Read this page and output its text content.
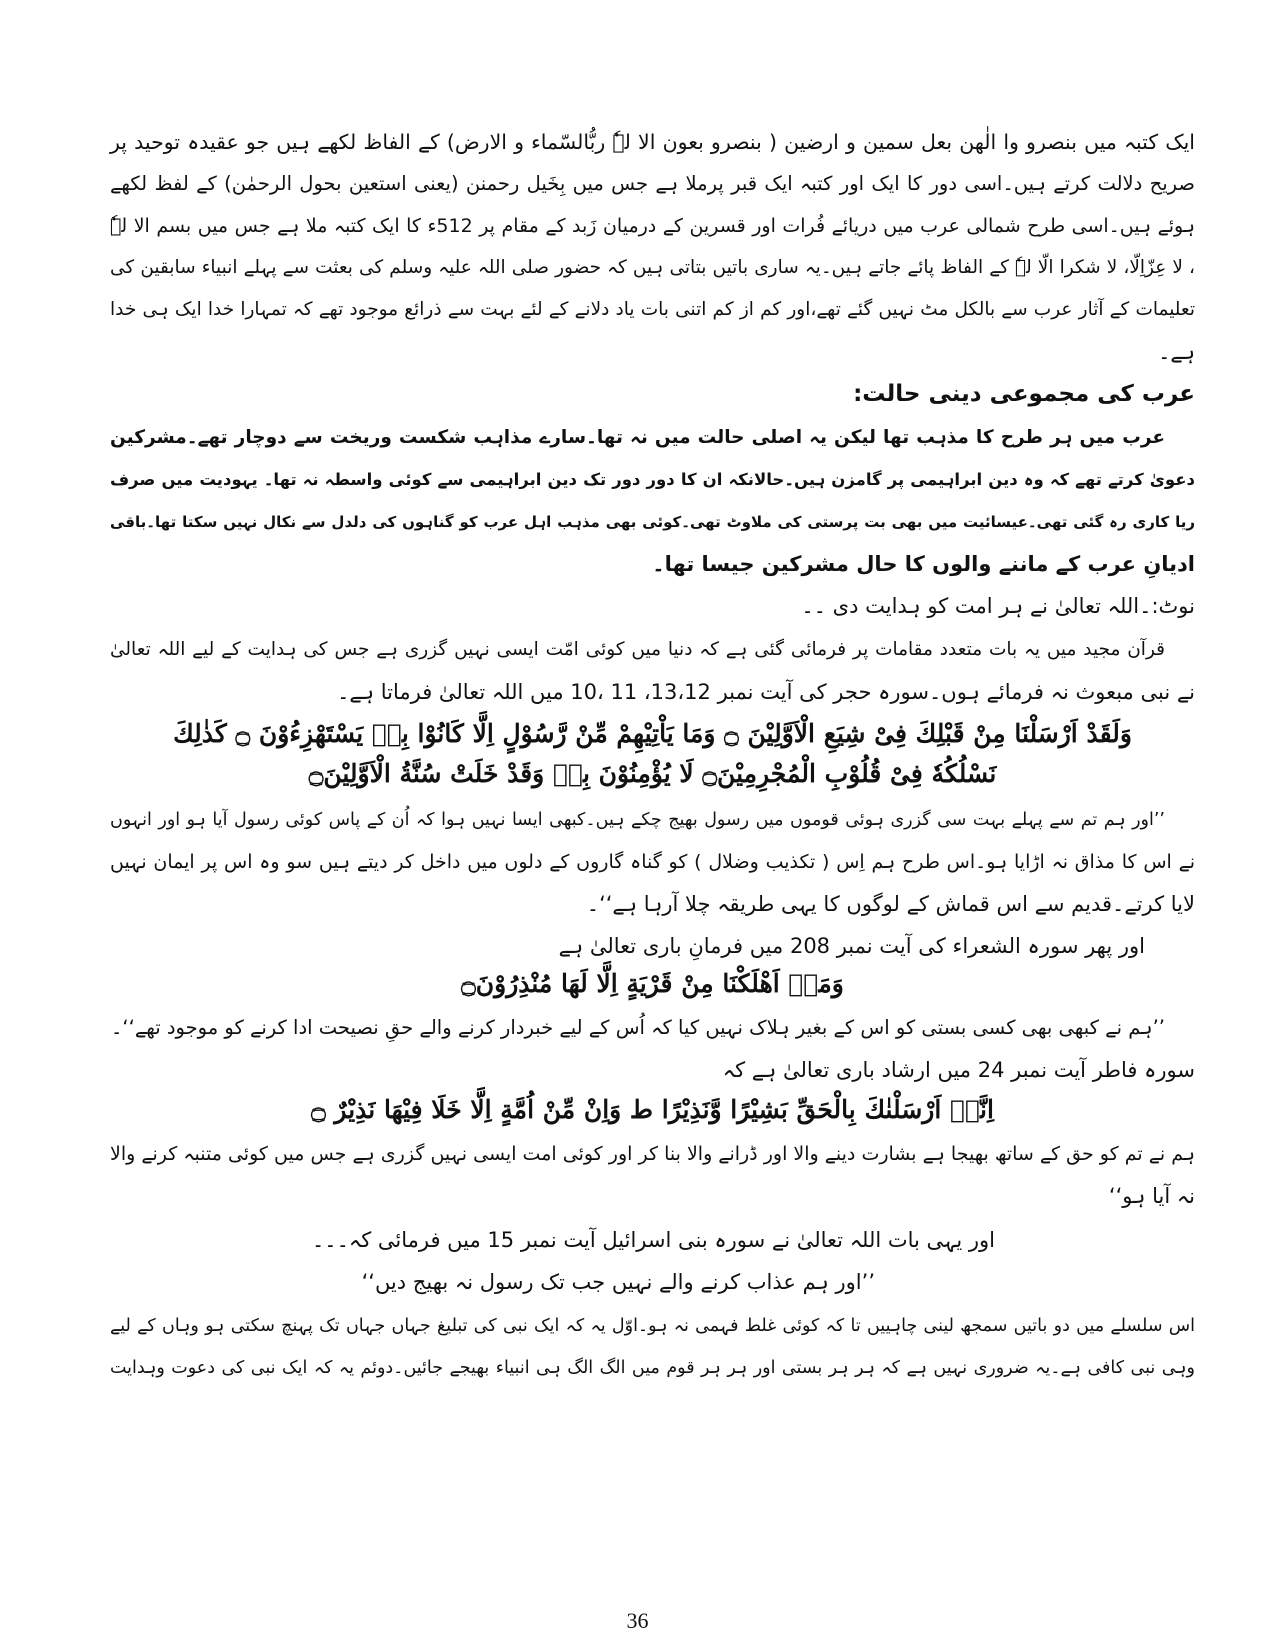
ایک کتبہ میں بنصرو وا الٰھن بعل سمین و ارضین ( بنصرو بعون الا لہٗ ربُّالسّماء و الارض) کے الفاظ لکھے ہیں جو عقیدہ توحید پر
صریح دلالت کرتے ہیں۔اسی دور کا ایک اور کتبہ ایک قبر پرملا ہے جس میں بِخَیل رحمنن (یعنی استعین بحول الرحمٰن) کے لفظ لکھے
ہوئے ہیں۔اسی طرح شمالی عرب میں دریائے فُرات اور قسرین کے درمیان زَبد کے مقام پر 512ء کا ایک کتبہ ملا ہے جس میں بسم الا لہٗ
، لا عِزّاِلّا، لا شکرا الّا لہٗ کے الفاظ پائے جاتے ہیں۔یہ ساری باتیں بتاتی ہیں کہ حضور صلی اللہ علیہ وسلم کی بعثت سے پہلے انبیاء سابقین کی
تعلیمات کے آثار عرب سے بالکل مٹ نہیں گئے تھے،اور کم از کم اتنی بات یاد دلانے کے لئے بہت سے ذرائع موجود تھے کہ تمہارا خدا ایک ہی خدا
ہے۔
عرب کی مجموعی دینی حالت:
عرب میں ہر طرح کا مذہب تھا لیکن یہ اصلی حالت میں نہ تھا۔سارے مذاہب شکست وریخت سے دوچار تھے۔مشرکین
دعویٰ کرتے تھے کہ وہ دین ابراہیمی پر گامزن ہیں۔حالانکہ ان کا دور دور تک دین ابراہیمی سے کوئی واسطہ نہ تھا۔ یہودیت میں صرف
ریا کاری رہ گئی تھی۔عیسائیت میں بھی بت پرستی کی ملاوٹ تھی۔کوئی بھی مذہب اہل عرب کو گناہوں کی دلدل سے نکال نہیں سکتا تھا۔باقی
ادیانِ عرب کے ماننے والوں کا حال مشرکین جیسا تھا۔
نوٹ:۔اللہ تعالیٰ نے ہر امت کو ہدایت دی ۔۔
قرآن مجید میں یہ بات متعدد مقامات پر فرمائی گئی ہے کہ دنیا میں کوئی امّت ایسی نہیں گزری ہے جس کی ہدایت کے لیے اللہ تعالیٰ
نے نبی مبعوث نہ فرمائے ہوں۔سورہ حجر کی آیت نمبر 13،12، 11 ،10 میں اللہ تعالیٰ فرماتا ہے۔
وَلَقَدْ اَرْسَلْنَا مِنْ قَبْلِكَ فِیْ شِیَعِ الْاَوَّلِیْنَ ۝ وَمَا یَاْتِیْهِمْ مِّنْ رَّسُوْلٍ اِلَّا كَانُوْا بِهٖ یَسْتَهْزِءُوْنَ ۝ كَذٰلِكَ
نَسْلُكُهٗ فِیْ قُلُوْبِ الْمُجْرِمِیْنَ۝ لَا یُؤْمِنُوْنَ بِهٖ وَقَدْ خَلَتْ سُنَّةُ الْاَوَّلِیْنَ۝
’’اور ہم تم سے پہلے بہت سی گزری ہوئی قوموں میں رسول بھیج چکے ہیں۔کبھی ایسا نہیں ہوا کہ اُن کے پاس کوئی رسول آیا ہو اور انہوں
نے اس کا مذاق نہ اڑایا ہو۔اس طرح ہم اِس ( تکذیب وضلال ) کو گناہ گاروں کے دلوں میں داخل کر دیتے ہیں سو وہ اس پر ایمان نہیں
لایا کرتے۔قدیم سے اس قماش کے لوگوں کا یہی طریقہ چلا آرہا ہے‘‘۔
اور پھر سورہ الشعراء کی آیت نمبر 208 میں فرمانِ باری تعالیٰ ہے
وَمَاۤ اَهْلَكْنَا مِنْ قَرْیَةٍ اِلَّا لَهَا مُنْذِرُوْنَ۝
’’ہم نے کبھی بھی کسی بستی کو اس کے بغیر ہلاک نہیں کیا کہ اُس کے لیے خبردار کرنے والے حقِ نصیحت ادا کرنے کو موجود تھے‘‘۔
سورہ فاطر آیت نمبر 24 میں ارشاد باری تعالیٰ ہے کہ
اِنَّاۤ اَرْسَلْنٰكَ بِالْحَقِّ بَشِیْرًا وَّنَذِیْرًا ط وَاِنْ مِّنْ اُمَّةٍ اِلَّا خَلَا فِیْهَا نَذِیْرٌ ۝
ہم نے تم کو حق کے ساتھ بھیجا ہے بشارت دینے والا اور ڈرانے والا بنا کر اور کوئی امت ایسی نہیں گزری ہے جس میں کوئی متنبہ کرنے والا
نہ آیا ہو‘‘
اور یہی بات اللہ تعالیٰ نے سورہ بنی اسرائیل آیت نمبر 15 میں فرمائی کہ۔۔۔
’’اور ہم عذاب کرنے والے نہیں جب تک رسول نہ بھیج دیں‘‘
اس سلسلے میں دو باتیں سمجھ لینی چاہییں تا کہ کوئی غلط فہمی نہ ہو۔اوّل یہ کہ ایک نبی کی تبلیغ جہاں جہاں تک پہنچ سکتی ہو وہاں کے لیے
وہی نبی کافی ہے۔یہ ضروری نہیں ہے کہ ہر ہر بستی اور ہر ہر قوم میں الگ الگ ہی انبیاء بھیجے جائیں۔دوئم یہ کہ ایک نبی کی دعوت وہدایت
36
